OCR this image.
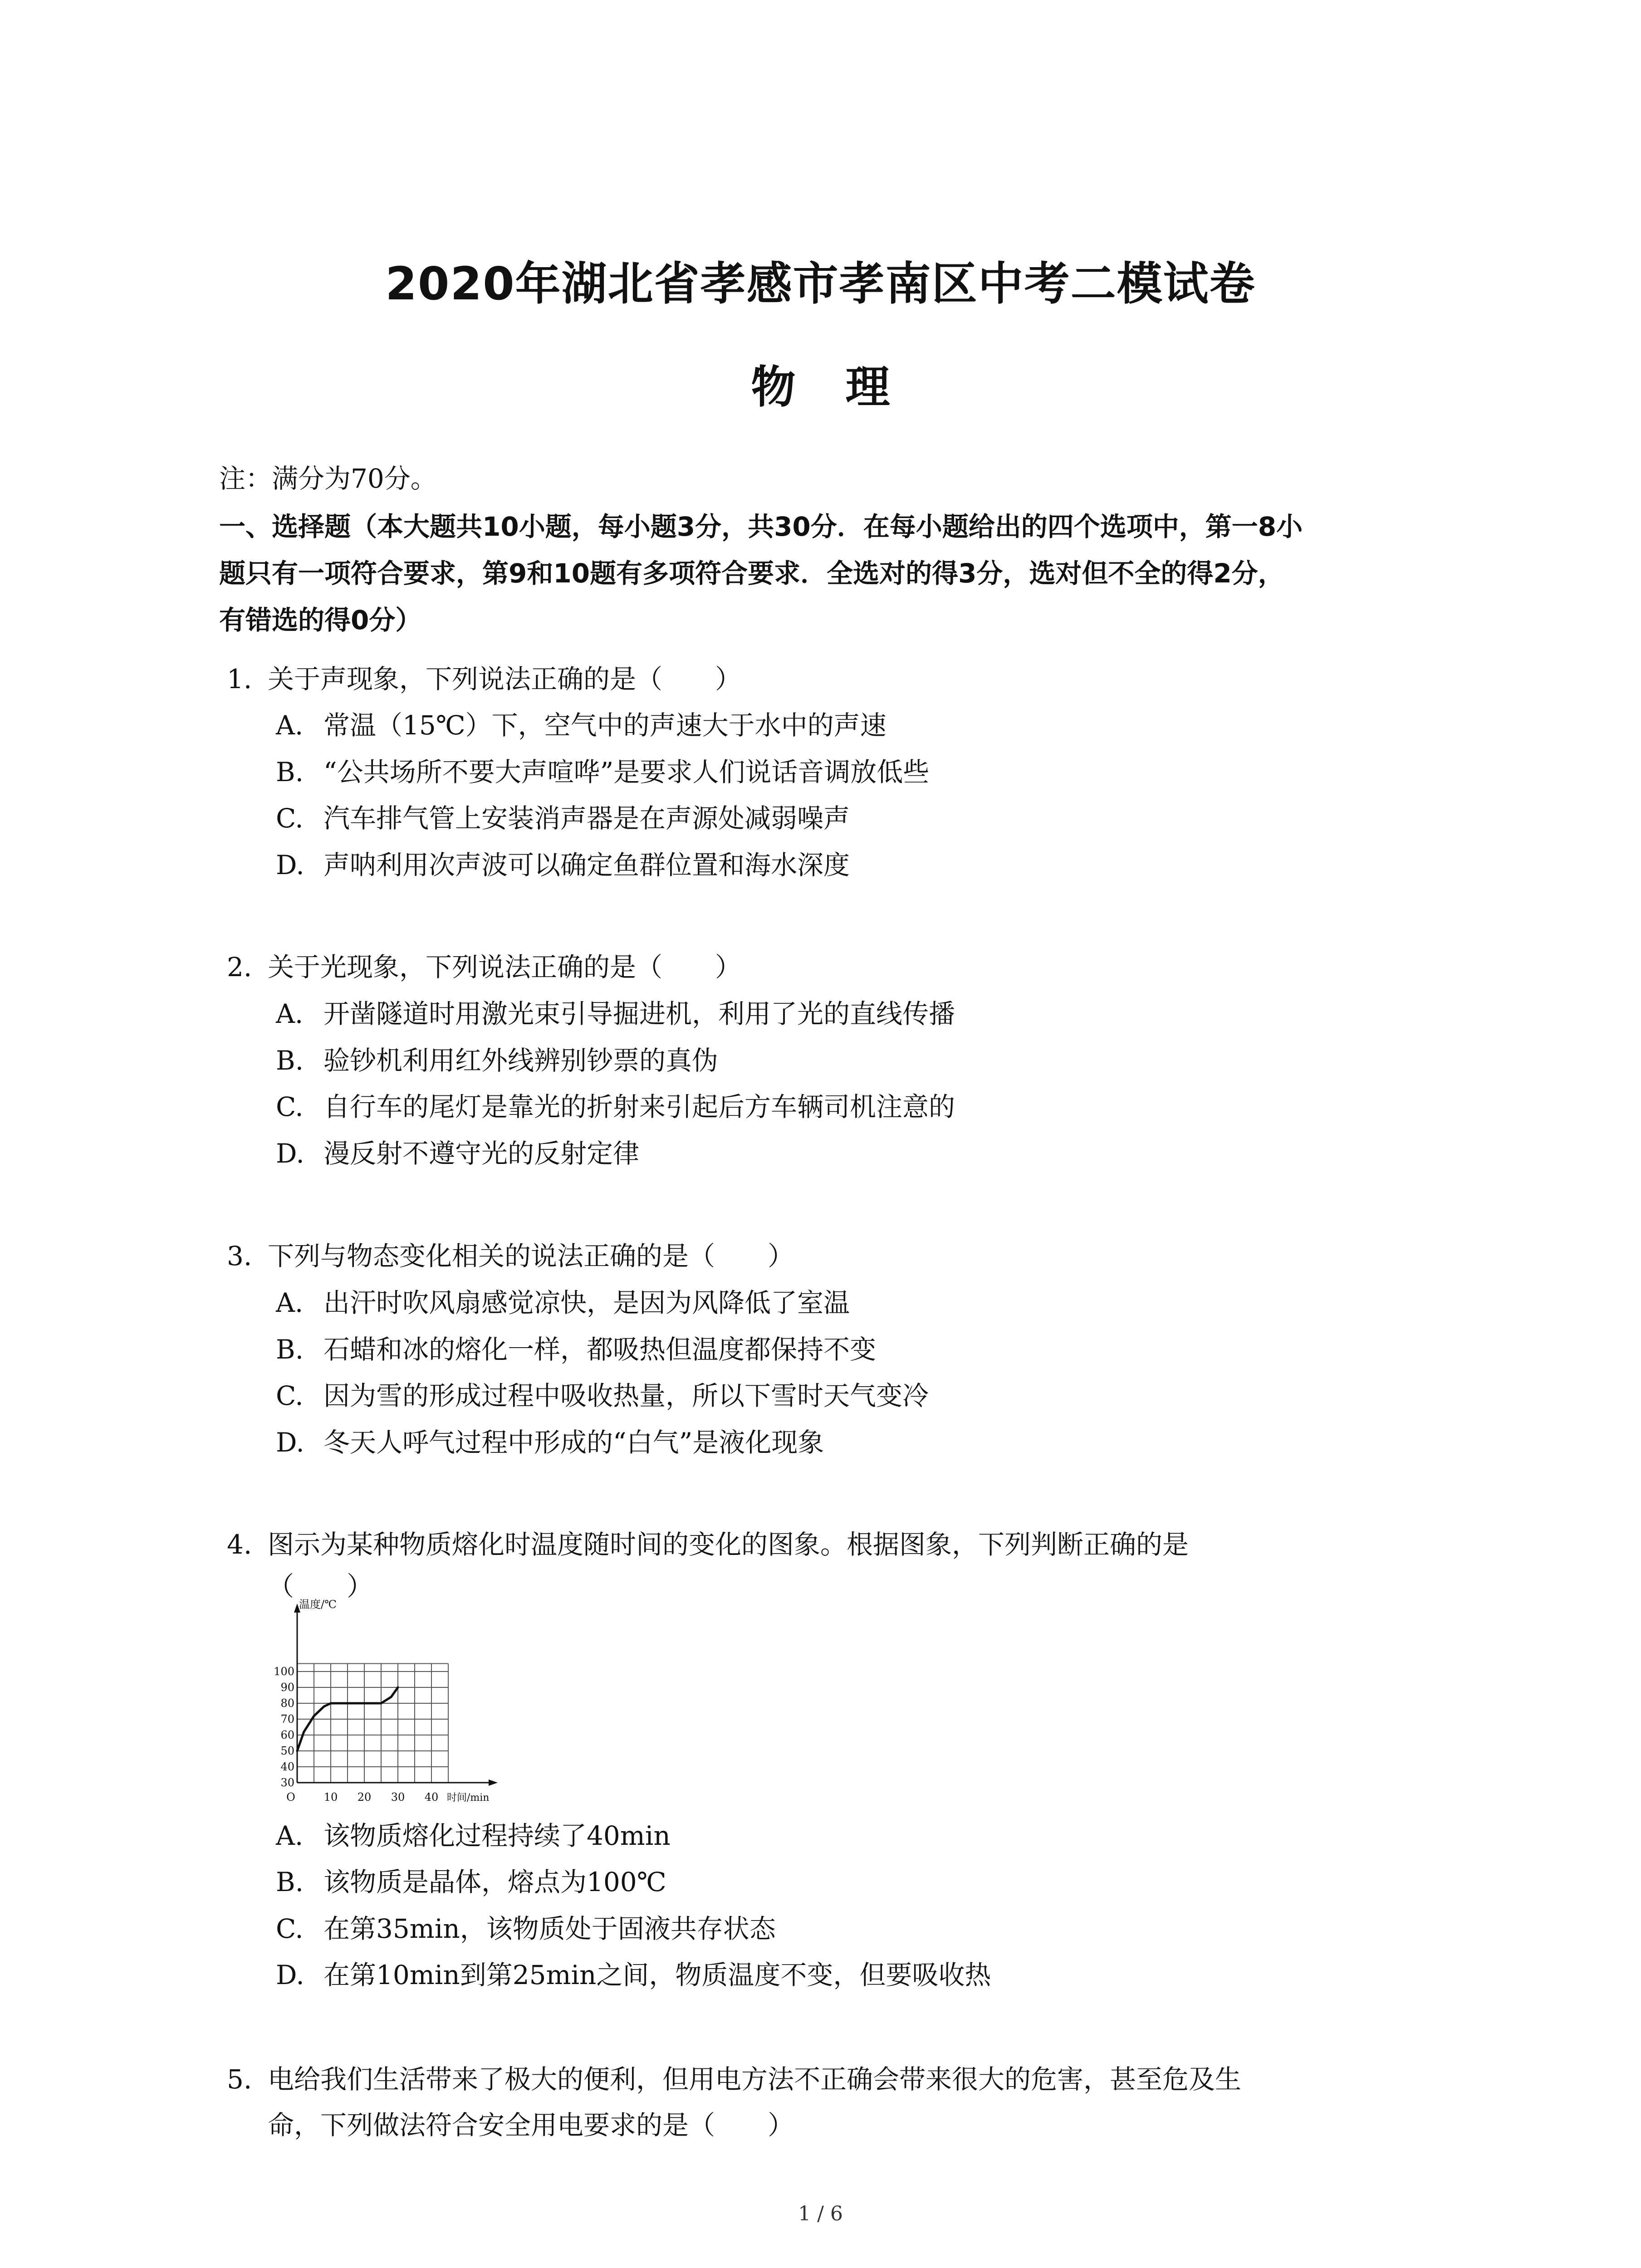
2020年湖北省孝感市孝南区中考二模试卷
物理
注：满分为70分。
一、选择题（本大题共10小题，每小题3分，共30分．在每小题给出的四个选项中，第一8小
题只有一项符合要求，第9和10题有多项符合要求．全选对的得3分，选对但不全的得2分，
有错选的得0分）
1. 关于声现象，下列说法正确的是（　　）
A. 常温（15℃）下，空气中的声速大于水中的声速
B. “公共场所不要大声喧哗”是要求人们说话音调放低些
C. 汽车排气管上安装消声器是在声源处减弱噪声
D. 声呐利用次声波可以确定鱼群位置和海水深度
2. 关于光现象，下列说法正确的是（　　）
A. 开凿隧道时用激光束引导掘进机，利用了光的直线传播
B. 验钞机利用红外线辨别钞票的真伪
C. 自行车的尾灯是靠光的折射来引起后方车辆司机注意的
D. 漫反射不遵守光的反射定律
3. 下列与物态变化相关的说法正确的是（　　）
A. 出汗时吹风扇感觉凉快，是因为风降低了室温
B. 石蜡和冰的熔化一样，都吸热但温度都保持不变
C. 因为雪的形成过程中吸收热量，所以下雪时天气变冷
D. 冬天人呼气过程中形成的“白气”是液化现象
4. 图示为某种物质熔化时温度随时间的变化的图象。根据图象，下列判断正确的是
（　　）
温度/℃
时间/min
30
40
50
60
70
80
90
100
O	10 20 30 40
A. 该物质熔化过程持续了40min
B. 该物质是晶体，熔点为100℃
C. 在第35min，该物质处于固液共存状态
D. 在第10min到第25min之间，物质温度不变，但要吸收热
5. 电给我们生活带来了极大的便利，但用电方法不正确会带来很大的危害，甚至危及生
命，下列做法符合安全用电要求的是（　　）
1 / 6
